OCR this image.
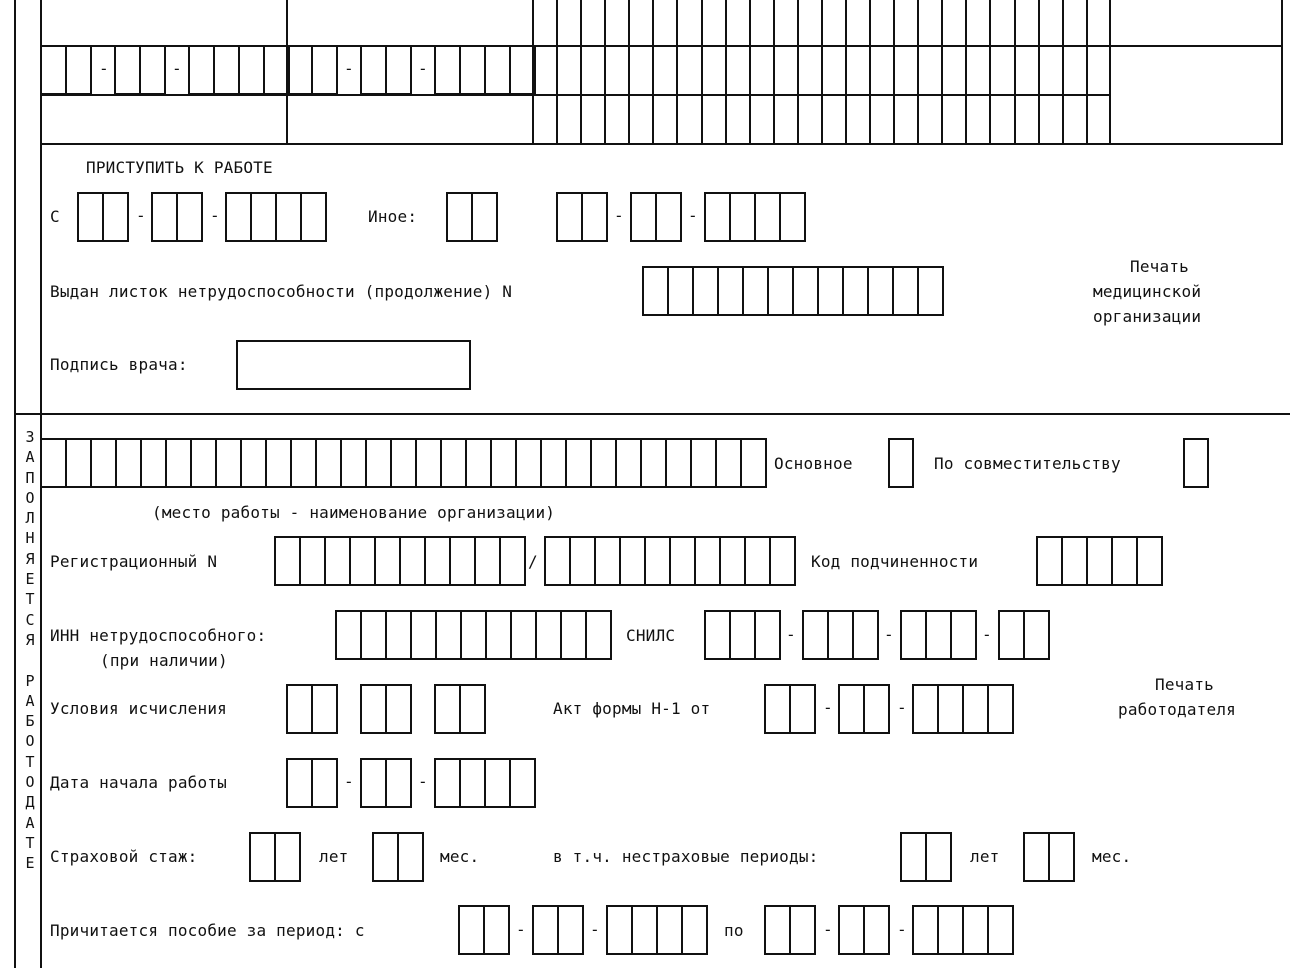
-	-	-	-
ПРИСТУПИТЬ К РАБОТЕ
С	-	-	Иное:	-	-
Выдан листок нетрудоспособности (продолжение) N
Печать
медицинской
организации
Подпись врача:
З
А
П
О
Л
Н
Я
Е
Т
С
Я

Р
А
Б
О
Т
О
Д
А
Т
Е
Основное	По совместительству
(место работы - наименование организации)
Регистрационный N	/	Код подчиненности
ИНН нетрудоспособного:
(при наличии)
СНИЛС	-	-	-
Условия исчисления	Акт формы Н-1 от	-	-
Печать
работодателя
Дата начала работы	-	-
Страховой стаж:	лет	мес.	в т.ч. нестраховые периоды:	лет	мес.
Причитается пособие за период: с	-	-	по	-	-
